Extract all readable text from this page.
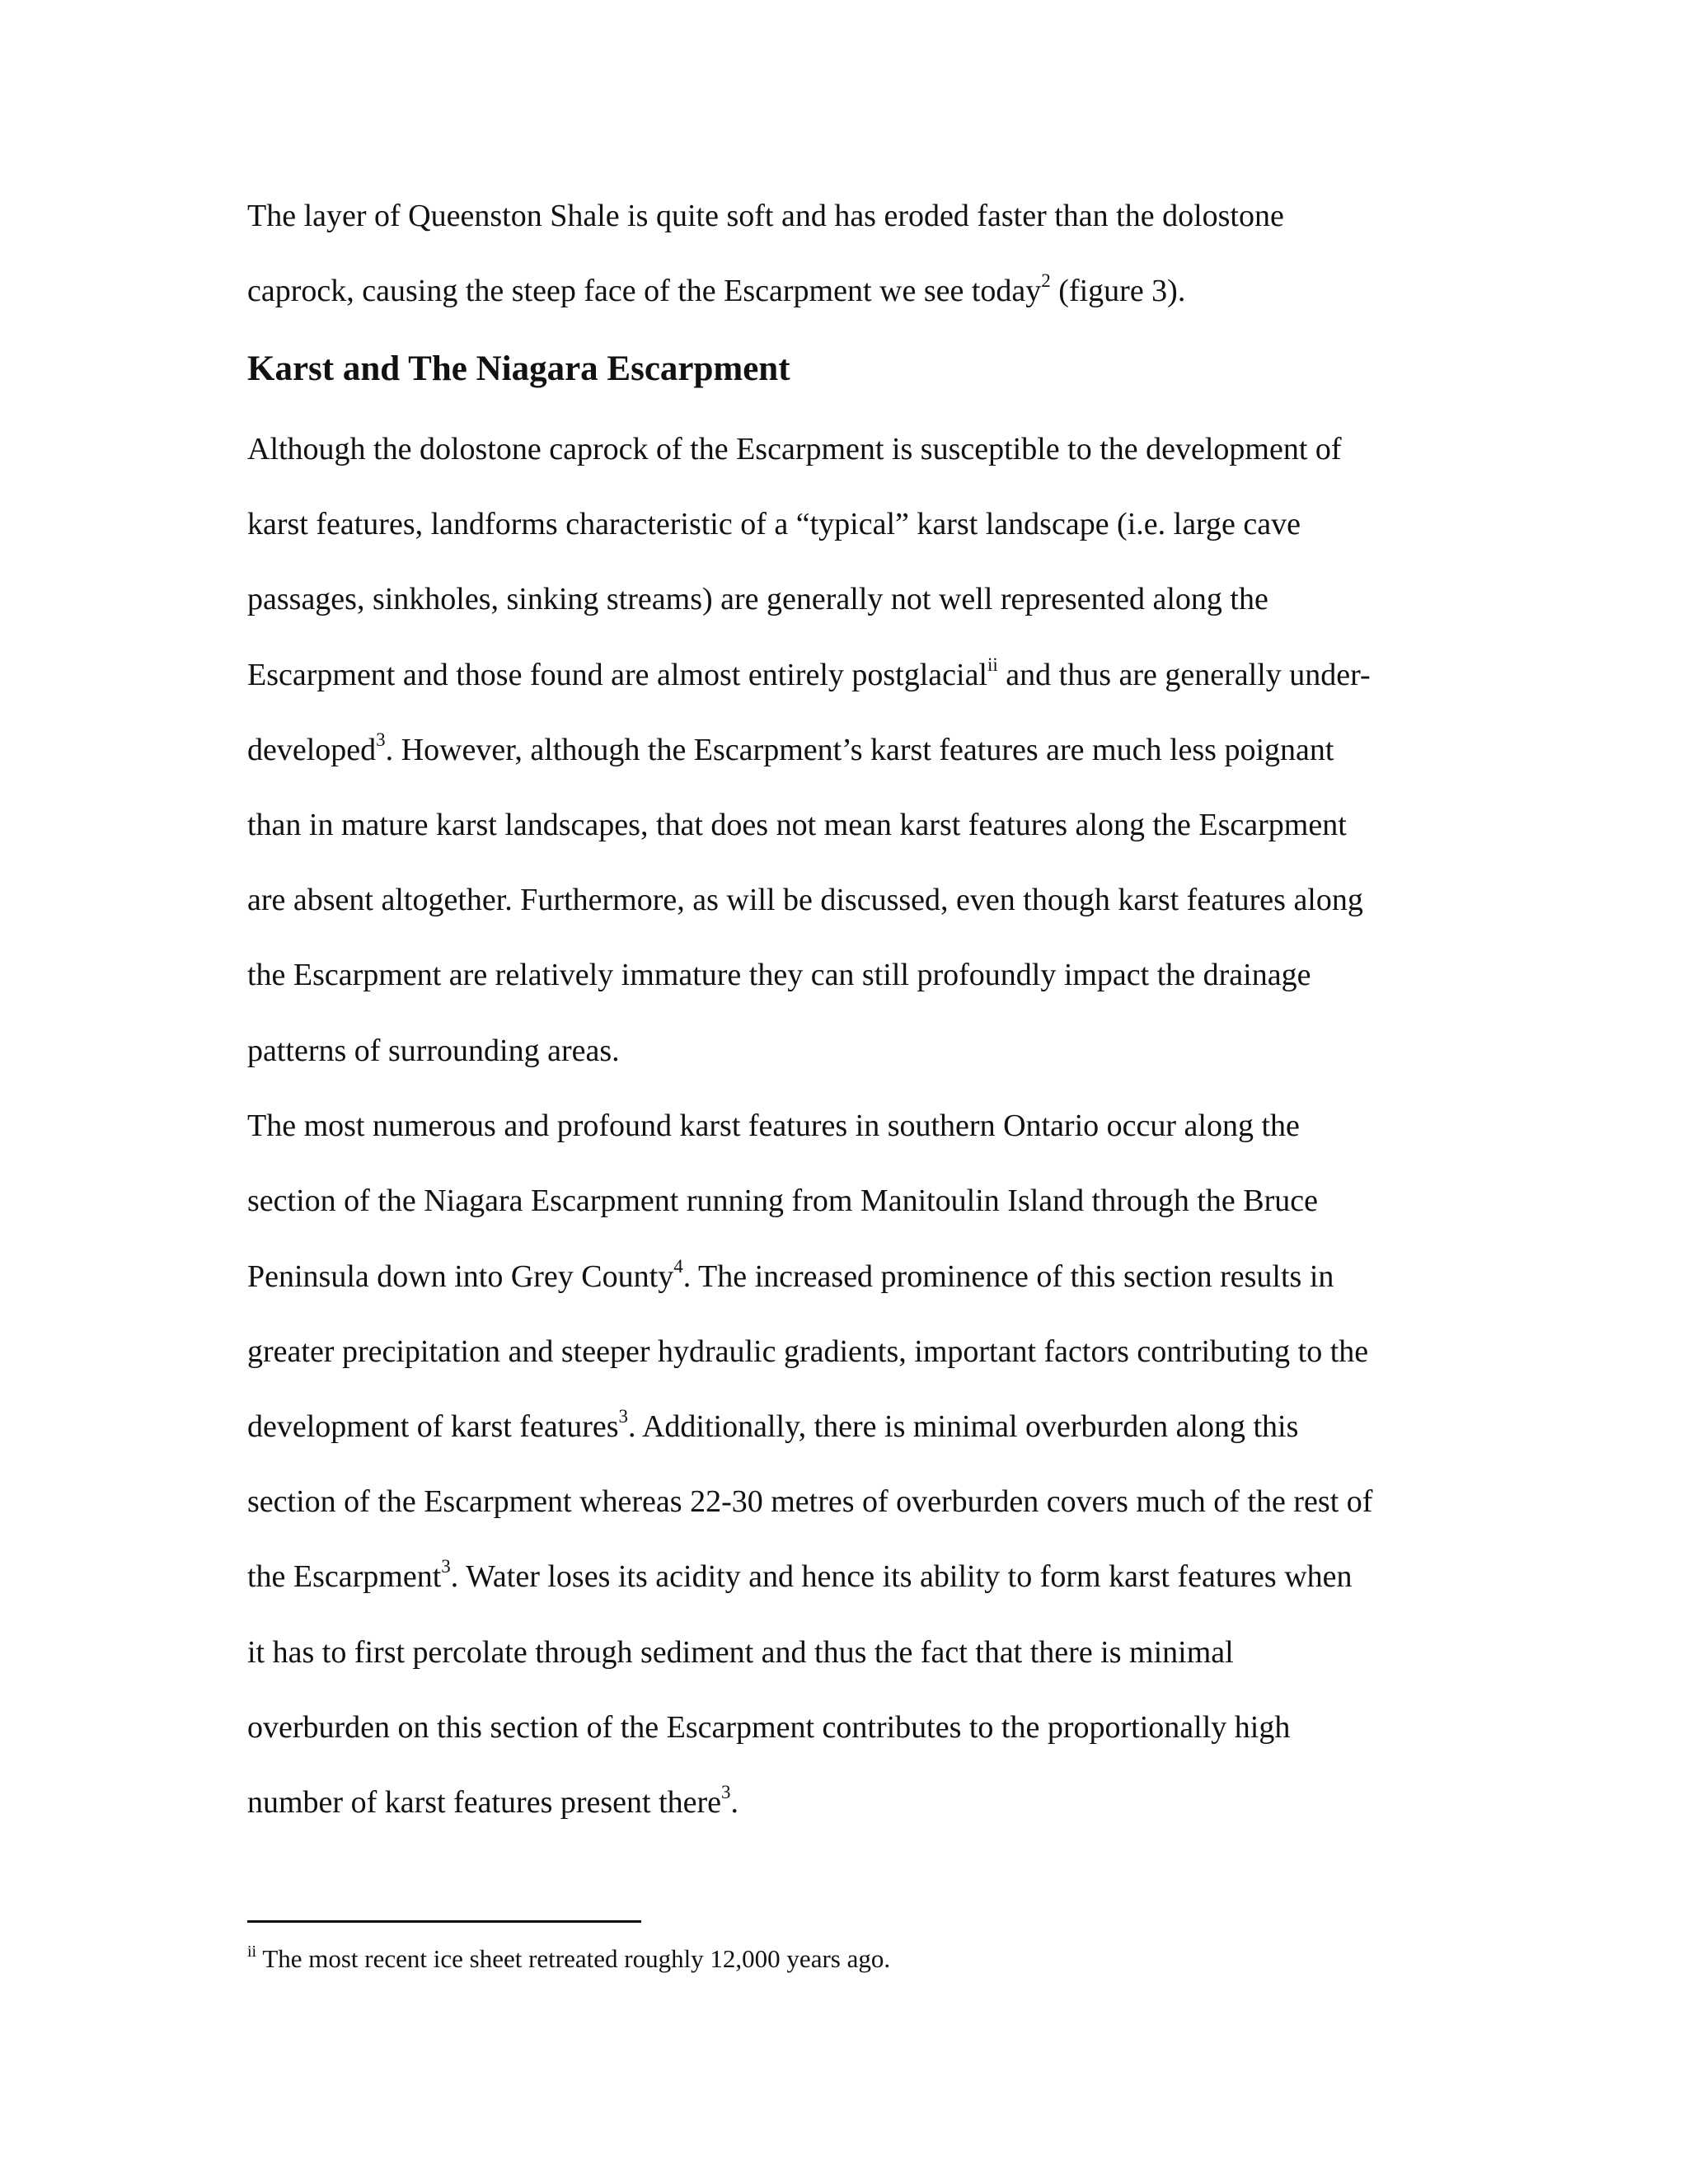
The layer of Queenston Shale is quite soft and has eroded faster than the dolostone
caprock, causing the steep face of the Escarpment we see today$^2$ (figure 3).
Karst and The Niagara Escarpment
Although the dolostone caprock of the Escarpment is susceptible to the development of
karst features, landforms characteristic of a “typical” karst landscape (i.e. large cave
passages, sinkholes, sinking streams) are generally not well represented along the
Escarpment and those found are almost entirely postglacial$^{ii}$ and thus are generally under-
developed$^3$. However, although the Escarpment’s karst features are much less poignant
than in mature karst landscapes, that does not mean karst features along the Escarpment
are absent altogether. Furthermore, as will be discussed, even though karst features along
the Escarpment are relatively immature they can still profoundly impact the drainage
patterns of surrounding areas.
The most numerous and profound karst features in southern Ontario occur along the
section of the Niagara Escarpment running from Manitoulin Island through the Bruce
Peninsula down into Grey County$^4$. The increased prominence of this section results in
greater precipitation and steeper hydraulic gradients, important factors contributing to the
development of karst features$^3$. Additionally, there is minimal overburden along this
section of the Escarpment whereas 22-30 metres of overburden covers much of the rest of
the Escarpment$^3$. Water loses its acidity and hence its ability to form karst features when
it has to first percolate through sediment and thus the fact that there is minimal
overburden on this section of the Escarpment contributes to the proportionally high
number of karst features present there$^3$.
$^{ii}$ The most recent ice sheet retreated roughly 12,000 years ago.
